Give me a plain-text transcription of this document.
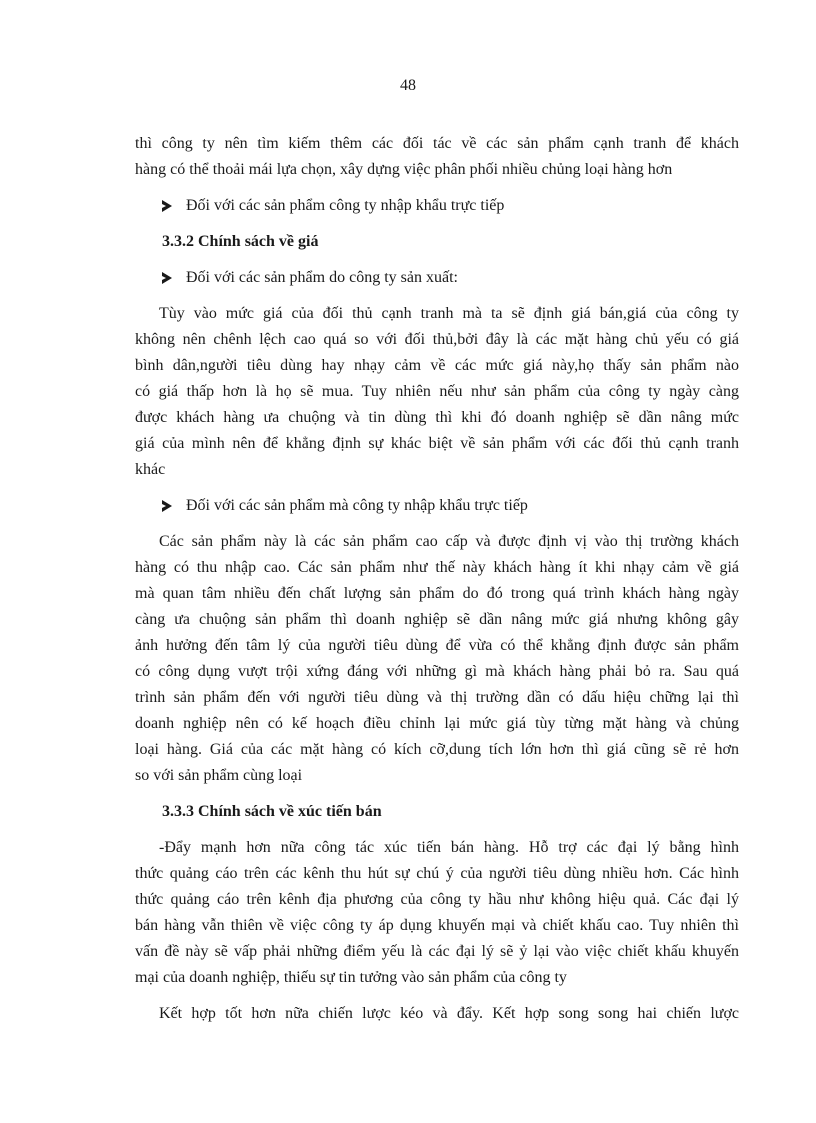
48
thì công ty nên tìm kiếm thêm các đối tác về các sản phẩm cạnh tranh để khách
hàng có thể thoải mái lựa chọn, xây dựng việc phân phối nhiều chủng loại hàng hơn
Đối với các sản phẩm công ty nhập khẩu trực tiếp
3.3.2 Chính sách về giá
Đối với các sản phẩm do công ty sản xuất:
Tùy vào mức giá của đối thủ cạnh tranh mà ta sẽ định giá bán,giá của công ty
không nên chênh lệch cao quá so với đối thủ,bởi đây là các mặt hàng chủ yếu có giá
bình dân,người tiêu dùng hay nhạy cảm về các mức giá này,họ thấy sản phẩm nào
có giá thấp hơn là họ sẽ mua. Tuy nhiên nếu như sản phẩm của công ty ngày càng
được khách hàng ưa chuộng và tin dùng thì khi đó doanh nghiệp sẽ dần nâng mức
giá của mình nên để khẳng định sự khác biệt về sản phẩm với các đối thủ cạnh tranh
khác
Đối với các sản phẩm mà công ty nhập khẩu trực tiếp
Các sản phẩm này là các sản phẩm cao cấp và được định vị vào thị trường khách
hàng có thu nhập cao. Các sản phẩm như thế này khách hàng ít khi nhạy cảm về giá
mà quan tâm nhiều đến chất lượng sản phẩm do đó trong quá trình khách hàng ngày
càng ưa chuộng sản phẩm thì doanh nghiệp sẽ dần nâng mức giá nhưng không gây
ảnh hưởng đến tâm lý của người tiêu dùng để vừa có thể khẳng định được sản phẩm
có công dụng vượt trội xứng đáng với những gì mà khách hàng phải bỏ ra. Sau quá
trình sản phẩm đến với người tiêu dùng và thị trường dần có dấu hiệu chững lại thì
doanh nghiệp nên có kế hoạch điều chỉnh lại mức giá tùy từng mặt hàng và chủng
loại hàng. Giá của các mặt hàng có kích cỡ,dung tích lớn hơn thì giá cũng sẽ rẻ hơn
so với sản phẩm cùng loại
3.3.3 Chính sách về xúc tiến bán
-Đẩy mạnh hơn nữa công tác xúc tiến bán hàng. Hỗ trợ các đại lý bằng hình
thức quảng cáo trên các kênh thu hút sự chú ý của người tiêu dùng nhiều hơn. Các hình
thức quảng cáo trên kênh địa phương của công ty hầu như không hiệu quả. Các đại lý
bán hàng vẫn thiên về việc công ty áp dụng khuyến mại và chiết khấu cao. Tuy nhiên thì
vấn đề này sẽ vấp phải những điểm yếu là các đại lý sẽ ỷ lại vào việc chiết khấu khuyến
mại của doanh nghiệp, thiếu sự tin tưởng vào sản phẩm của công ty
Kết hợp tốt hơn nữa chiến lược kéo và đẩy. Kết hợp song song hai chiến lược
